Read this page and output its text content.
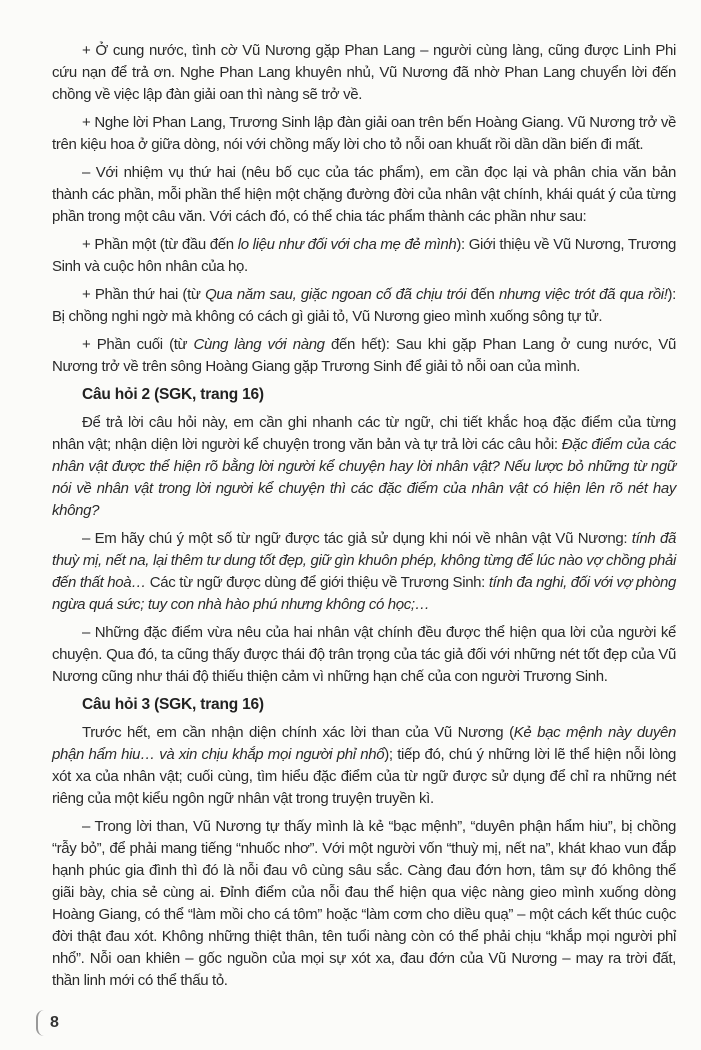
+ Ở cung nước, tình cờ Vũ Nương gặp Phan Lang – người cùng làng, cũng được Linh Phi cứu nạn để trả ơn. Nghe Phan Lang khuyên nhủ, Vũ Nương đã nhờ Phan Lang chuyển lời đến chồng về việc lập đàn giải oan thì nàng sẽ trở về.

+ Nghe lời Phan Lang, Trương Sinh lập đàn giải oan trên bến Hoàng Giang. Vũ Nương trở về trên kiệu hoa ở giữa dòng, nói với chồng mấy lời cho tỏ nỗi oan khuất rồi dần dần biến đi mất.

– Với nhiệm vụ thứ hai (nêu bố cục của tác phẩm), em cần đọc lại và phân chia văn bản thành các phần, mỗi phần thể hiện một chặng đường đời của nhân vật chính, khái quát ý của từng phần trong một câu văn. Với cách đó, có thể chia tác phẩm thành các phần như sau:

+ Phần một (từ đầu đến lo liệu như đối với cha mẹ đẻ mình): Giới thiệu về Vũ Nương, Trương Sinh và cuộc hôn nhân của họ.

+ Phần thứ hai (từ Qua năm sau, giặc ngoan cố đã chịu trói đến nhưng việc trót đã qua rồi!): Bị chồng nghi ngờ mà không có cách gì giải tỏ, Vũ Nương gieo mình xuống sông tự tử.

+ Phần cuối (từ Cùng làng với nàng đến hết): Sau khi gặp Phan Lang ở cung nước, Vũ Nương trở về trên sông Hoàng Giang gặp Trương Sinh để giải tỏ nỗi oan của mình.

Câu hỏi 2 (SGK, trang 16)

Để trả lời câu hỏi này, em cần ghi nhanh các từ ngữ, chi tiết khắc hoạ đặc điểm của từng nhân vật; nhận diện lời người kể chuyện trong văn bản và tự trả lời các câu hỏi: Đặc điểm của các nhân vật được thể hiện rõ bằng lời người kể chuyện hay lời nhân vật? Nếu lược bỏ những từ ngữ nói về nhân vật trong lời người kể chuyện thì các đặc điểm của nhân vật có hiện lên rõ nét hay không?

– Em hãy chú ý một số từ ngữ được tác giả sử dụng khi nói về nhân vật Vũ Nương: tính đã thuỳ mị, nết na, lại thêm tư dung tốt đẹp, giữ gìn khuôn phép, không từng để lúc nào vợ chồng phải đến thất hoà… Các từ ngữ được dùng để giới thiệu về Trương Sinh: tính đa nghi, đối với vợ phòng ngừa quá sức; tuy con nhà hào phú nhưng không có học;…

– Những đặc điểm vừa nêu của hai nhân vật chính đều được thể hiện qua lời của người kể chuyện. Qua đó, ta cũng thấy được thái độ trân trọng của tác giả đối với những nét tốt đẹp của Vũ Nương cũng như thái độ thiếu thiện cảm vì những hạn chế của con người Trương Sinh.

Câu hỏi 3 (SGK, trang 16)

Trước hết, em cần nhận diện chính xác lời than của Vũ Nương (Kẻ bạc mệnh này duyên phận hẩm hiu… và xin chịu khắp mọi người phỉ nhổ); tiếp đó, chú ý những lời lẽ thể hiện nỗi lòng xót xa của nhân vật; cuối cùng, tìm hiểu đặc điểm của từ ngữ được sử dụng để chỉ ra những nét riêng của một kiểu ngôn ngữ nhân vật trong truyện truyền kì.

– Trong lời than, Vũ Nương tự thấy mình là kẻ “bạc mệnh”, “duyên phận hẩm hiu”, bị chồng “rẫy bỏ”, để phải mang tiếng “nhuốc nhơ”. Với một người vốn “thuỳ mị, nết na”, khát khao vun đắp hạnh phúc gia đình thì đó là nỗi đau vô cùng sâu sắc. Càng đau đớn hơn, tâm sự đó không thể giãi bày, chia sẻ cùng ai. Đỉnh điểm của nỗi đau thể hiện qua việc nàng gieo mình xuống dòng Hoàng Giang, có thể “làm mồi cho cá tôm” hoặc “làm cơm cho diều quạ” – một cách kết thúc cuộc đời thật đau xót. Không những thiệt thân, tên tuổi nàng còn có thể phải chịu “khắp mọi người phỉ nhổ”. Nỗi oan khiên – gốc nguồn của mọi sự xót xa, đau đớn của Vũ Nương – may ra trời đất, thần linh mới có thể thấu tỏ.

8
